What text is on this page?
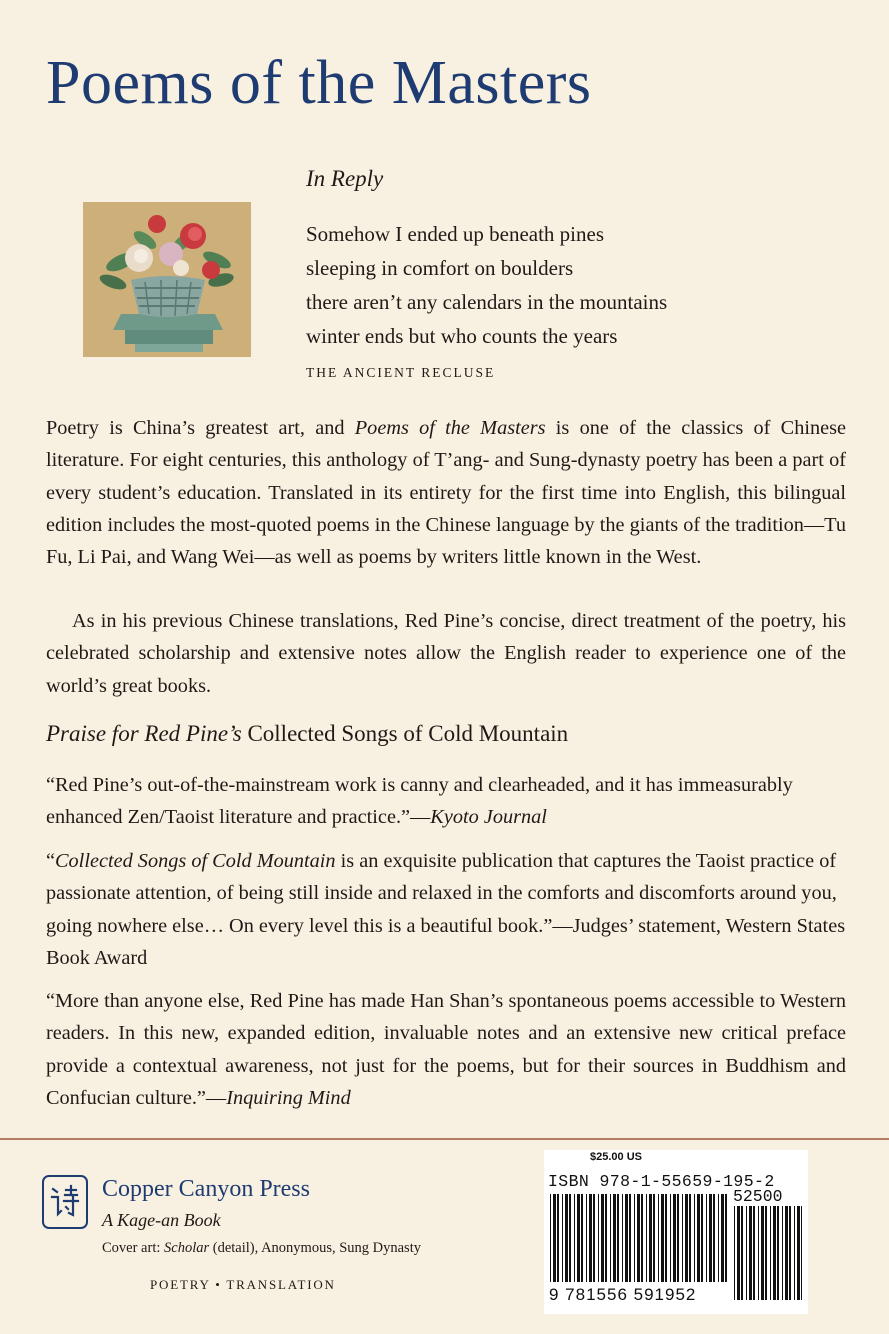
Poems of the Masters
In Reply
Somehow I ended up beneath pines
sleeping in comfort on boulders
there aren’t any calendars in the mountains
winter ends but who counts the years
THE ANCIENT RECLUSE

Poetry is China’s greatest art, and Poems of the Masters is one of the classics of Chinese literature. For eight centuries, this anthology of T’ang- and Sung-dynasty poetry has been a part of every student’s education. Translated in its entirety for the first time into English, this bilingual edition includes the most-quoted poems in the Chinese language by the giants of the tradition—Tu Fu, Li Pai, and Wang Wei—as well as poems by writers little known in the West.

As in his previous Chinese translations, Red Pine’s concise, direct treatment of the poetry, his celebrated scholarship and extensive notes allow the English reader to experience one of the world’s great books.

Praise for Red Pine’s Collected Songs of Cold Mountain

“Red Pine’s out-of-the-mainstream work is canny and clearheaded, and it has immeasurably enhanced Zen/Taoist literature and practice.”—Kyoto Journal

“Collected Songs of Cold Mountain is an exquisite publication that captures the Taoist practice of passionate attention, of being still inside and relaxed in the comforts and discomforts around you, going nowhere else… On every level this is a beautiful book.”—Judges’ statement, Western States Book Award

“More than anyone else, Red Pine has made Han Shan’s spontaneous poems accessible to Western readers. In this new, expanded edition, invaluable notes and an extensive new critical preface provide a contextual awareness, not just for the poems, but for their sources in Buddhism and Confucian culture.”—Inquiring Mind

Copper Canyon Press
A Kage-an Book
Cover art: Scholar (detail), Anonymous, Sung Dynasty
POETRY • TRANSLATION
$25.00 US
ISBN 978-1-55659-195-2
52500
9 781556 591952
